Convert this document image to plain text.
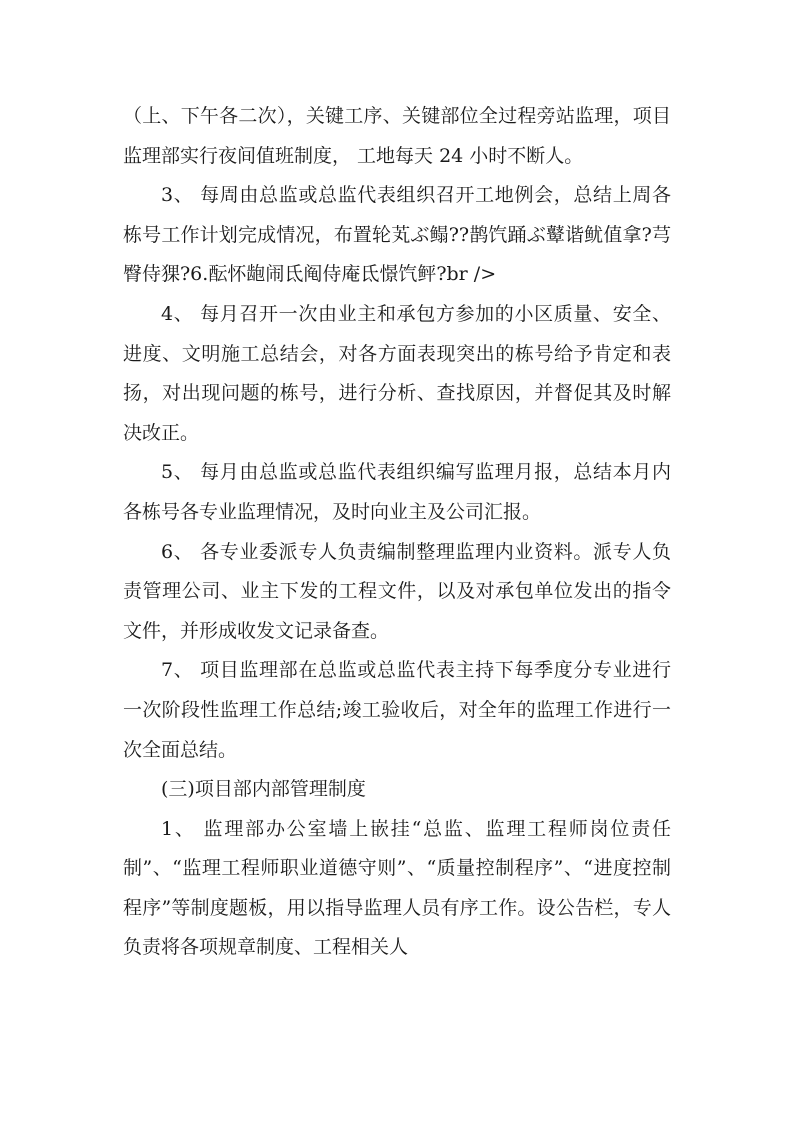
（上、下午各二次），关键工序、关键部位全过程旁站监理，项目监理部实行夜间值班制度， 工地每天 24 小时不断人。

3、 每周由总监或总监代表组织召开工地例会，总结上周各栋号工作计划完成情况，布置轮芄ぶ鳎??鹊饩踊ぶ鼙谐鱿值拿?芎臀侍猓?6.酝怀龅闹氐阄侍庵氐憬饩鲆?br />

4、 每月召开一次由业主和承包方参加的小区质量、安全、进度、文明施工总结会，对各方面表现突出的栋号给予肯定和表扬，对出现问题的栋号，进行分析、查找原因，并督促其及时解决改正。

5、 每月由总监或总监代表组织编写监理月报，总结本月内各栋号各专业监理情况，及时向业主及公司汇报。

6、 各专业委派专人负责编制整理监理内业资料。派专人负责管理公司、业主下发的工程文件，以及对承包单位发出的指令文件，并形成收发文记录备查。

7、 项目监理部在总监或总监代表主持下每季度分专业进行一次阶段性监理工作总结;竣工验收后，对全年的监理工作进行一次全面总结。

(三)项目部内部管理制度

1、 监理部办公室墙上嵌挂“总监、监理工程师岗位责任制”、“监理工程师职业道德守则”、“质量控制程序”、“进度控制程序”等制度题板，用以指导监理人员有序工作。设公告栏，专人负责将各项规章制度、工程相关人
